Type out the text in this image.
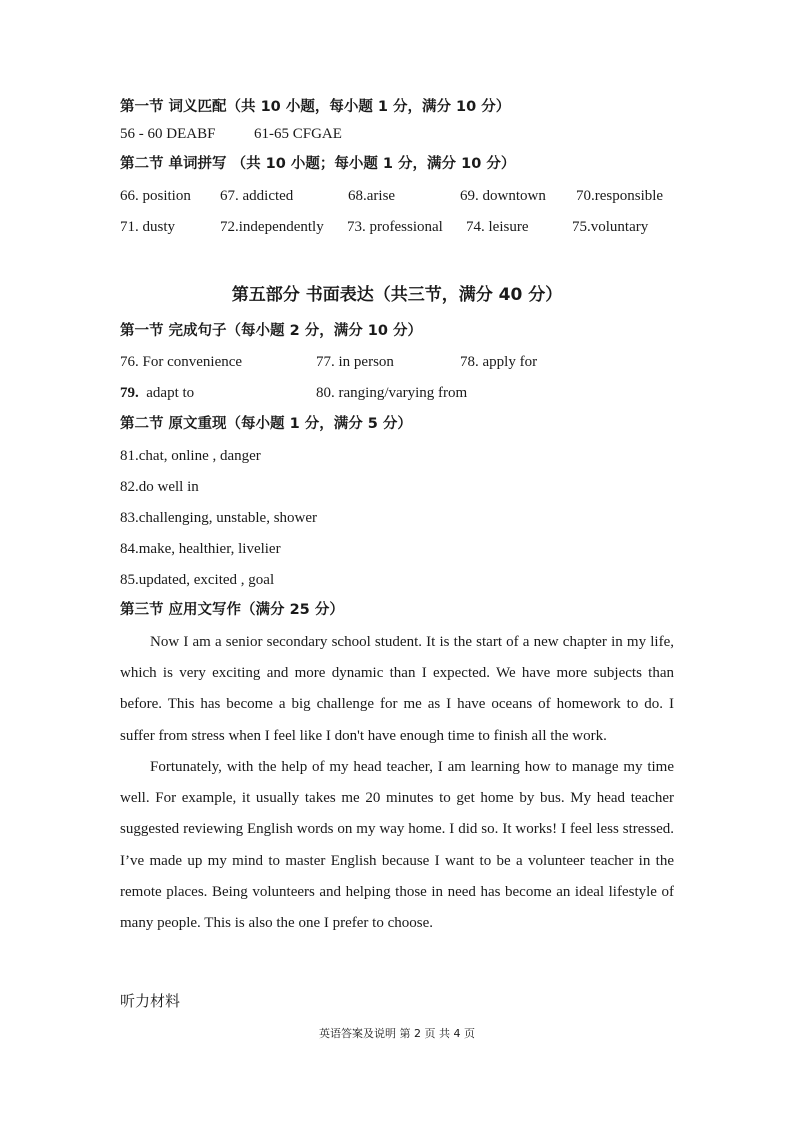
第一节 词义匹配（共 10 小题，每小题 1 分，满分 10 分）
56 - 60 DEABF	61-65 CFGAE
第二节 单词拼写 （共 10 小题；每小题 1 分，满分 10 分）
66. position 67. addicted	68.arise	69. downtown 70.responsible
71. dusty	72.independently 73. professional 74. leisure	75.voluntary
第五部分 书面表达（共三节，满分 40 分）
第一节 完成句子（每小题 2 分，满分 10 分）
76. For convenience	77. in person	78. apply for
79. adapt to	80. ranging/varying from
第二节 原文重现（每小题 1 分，满分 5 分）
81.chat, online , danger
82.do well in
83.challenging, unstable, shower
84.make, healthier, livelier
85.updated, excited , goal
第三节 应用文写作（满分 25 分）

Now I am a senior secondary school student. It is the start of a new chapter in my life, which is very exciting and more dynamic than I expected. We have more subjects than before. This has become a big challenge for me as I have oceans of homework to do. I suffer from stress when I feel like I don't have enough time to finish all the work.

Fortunately, with the help of my head teacher, I am learning how to manage my time well. For example, it usually takes me 20 minutes to get home by bus. My head teacher suggested reviewing English words on my way home. I did so. It works! I feel less stressed. I’ve made up my mind to master English because I want to be a volunteer teacher in the remote places. Being volunteers and helping those in need has become an ideal lifestyle of many people. This is also the one I prefer to choose.

听力材料
英语答案及说明 第 2 页 共 4 页
